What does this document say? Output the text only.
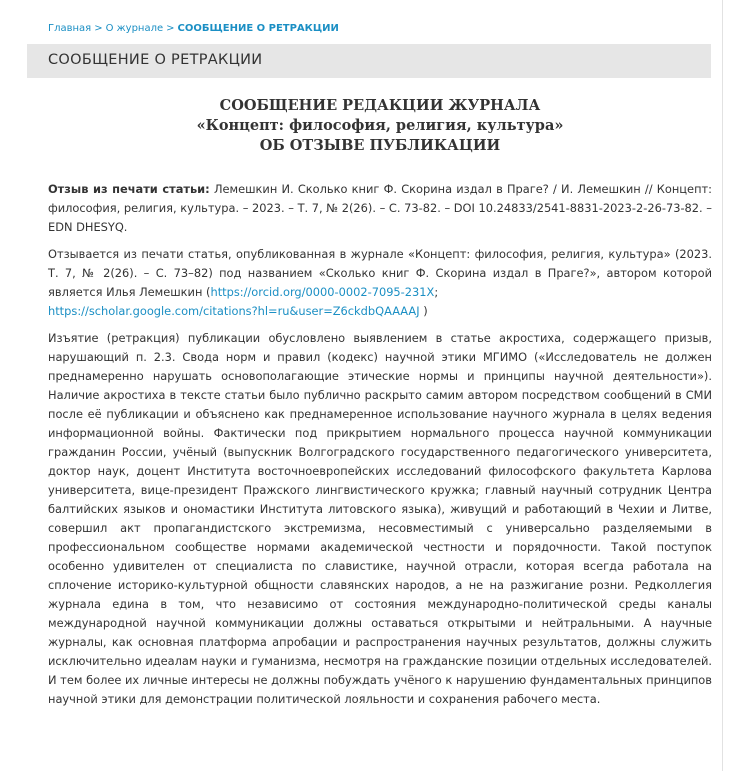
Главная > О журнале > СООБЩЕНИЕ О РЕТРАКЦИИ
СООБЩЕНИЕ О РЕТРАКЦИИ
СООБЩЕНИЕ РЕДАКЦИИ ЖУРНАЛА
«Концепт: философия, религия, культура»
ОБ ОТЗЫВЕ ПУБЛИКАЦИИ

Отзыв из печати статьи: Лемешкин И. Сколько книг Ф. Скорина издал в Праге? / И. Лемешкин // Концепт: философия, религия, культура. – 2023. – Т. 7, № 2(26). – С. 73-82. – DOI 10.24833/2541-8831-2023-2-26-73-82. – EDN DHESYQ.

Отзывается из печати статья, опубликованная в журнале «Концепт: философия, религия, культура» (2023. Т. 7, № 2(26). – С. 73–82) под названием «Сколько книг Ф. Скорина издал в Праге?», автором которой является Илья Лемешкин (https://orcid.org/0000-0002-7095-231X;
https://scholar.google.com/citations?hl=ru&user=Z6ckdbQAAAAJ )

Изъятие (ретракция) публикации обусловлено выявлением в статье акростиха, содержащего призыв, нарушающий п. 2.3. Свода норм и правил (кодекс) научной этики МГИМО («Исследователь не должен преднамеренно нарушать основополагающие этические нормы и принципы научной деятельности»). Наличие акростиха в тексте статьи было публично раскрыто самим автором посредством сообщений в СМИ после её публикации и объяснено как преднамеренное использование научного журнала в целях ведения информационной войны. Фактически под прикрытием нормального процесса научной коммуникации гражданин России, учёный (выпускник Волгоградского государственного педагогического университета, доктор наук, доцент Института восточноевропейских исследований философского факультета Карлова университета, вице-президент Пражского лингвистического кружка; главный научный сотрудник Центра балтийских языков и ономастики Института литовского языка), живущий и работающий в Чехии и Литве, совершил акт пропагандистского экстремизма, несовместимый с универсально разделяемыми в профессиональном сообществе нормами академической честности и порядочности. Такой поступок особенно удивителен от специалиста по славистике, научной отрасли, которая всегда работала на сплочение историко-культурной общности славянских народов, а не на разжигание розни. Редколлегия журнала едина в том, что независимо от состояния международно-политической среды каналы международной научной коммуникации должны оставаться открытыми и нейтральными. А научные журналы, как основная платформа апробации и распространения научных результатов, должны служить исключительно идеалам науки и гуманизма, несмотря на гражданские позиции отдельных исследователей. И тем более их личные интересы не должны побуждать учёного к нарушению фундаментальных принципов научной этики для демонстрации политической лояльности и сохранения рабочего места.
